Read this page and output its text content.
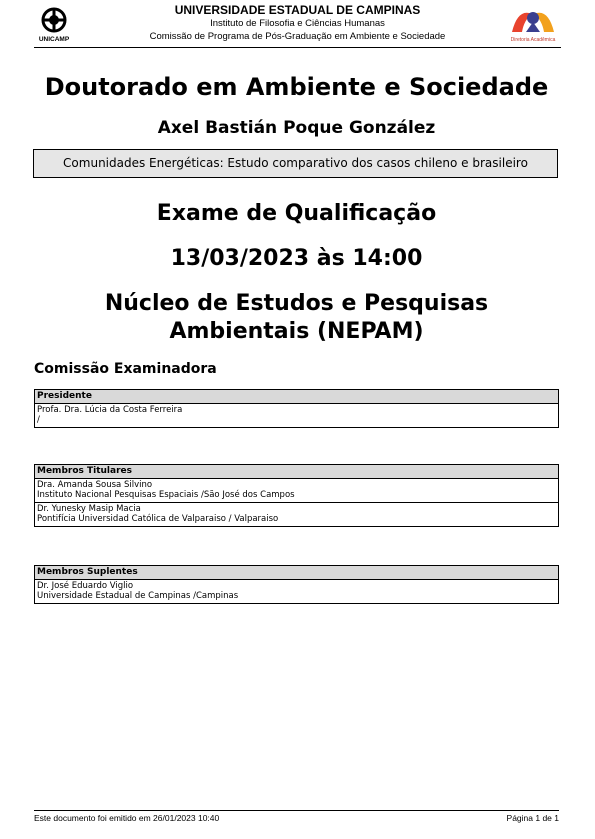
UNICAMP
UNIVERSIDADE ESTADUAL DE CAMPINAS
Instituto de Filosofia e Ciências Humanas
Comissão de Programa de Pós-Graduação em Ambiente e Sociedade	Diretoria Acadêmica
Doutorado em Ambiente e Sociedade
Axel Bastián Poque González
Comunidades Energéticas: Estudo comparativo dos casos chileno e brasileiro
Exame de Qualificação
13/03/2023 às 14:00
Núcleo de Estudos e Pesquisas
Ambientais (NEPAM)
Comissão Examinadora
Presidente
Profa. Dra. Lúcia da Costa Ferreira
/
Membros Titulares
Dra. Amanda Sousa Silvino
Instituto Nacional Pesquisas Espaciais /São José dos Campos
Dr. Yunesky Masip Macia
Pontifícia Universidad Católica de Valparaiso / Valparaiso
Membros Suplentes
Dr. José Eduardo Viglio
Universidade Estadual de Campinas /Campinas
Este documento foi emitido em 26/01/2023 10:40	Página 1 de 1
